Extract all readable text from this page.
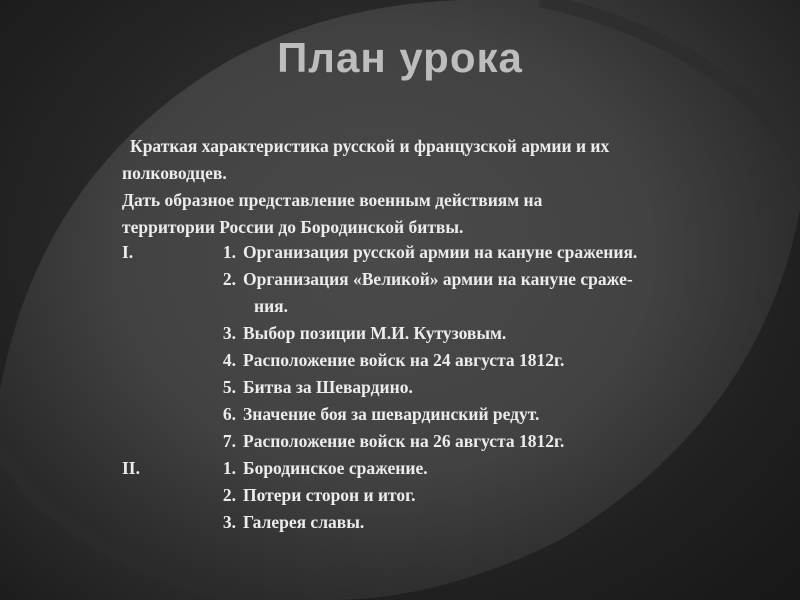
План урока

Краткая характеристика русской и французской армии и их

полководцев.

Дать образное представление военным действиям на

территории России до Бородинской битвы.

I.	1. Организация русской армии на кануне сражения.
2. Организация «Великой» армии на кануне сраже-
ния.
3. Выбор позиции М.И. Кутузовым.
4. Расположение войск на 24 августа 1812г.
5. Битва за Шевардино.
6. Значение боя за шевардинский редут.
7. Расположение войск на 26 августа 1812г.
II.	1. Бородинское сражение.
2. Потери сторон и итог.
3. Галерея славы.
